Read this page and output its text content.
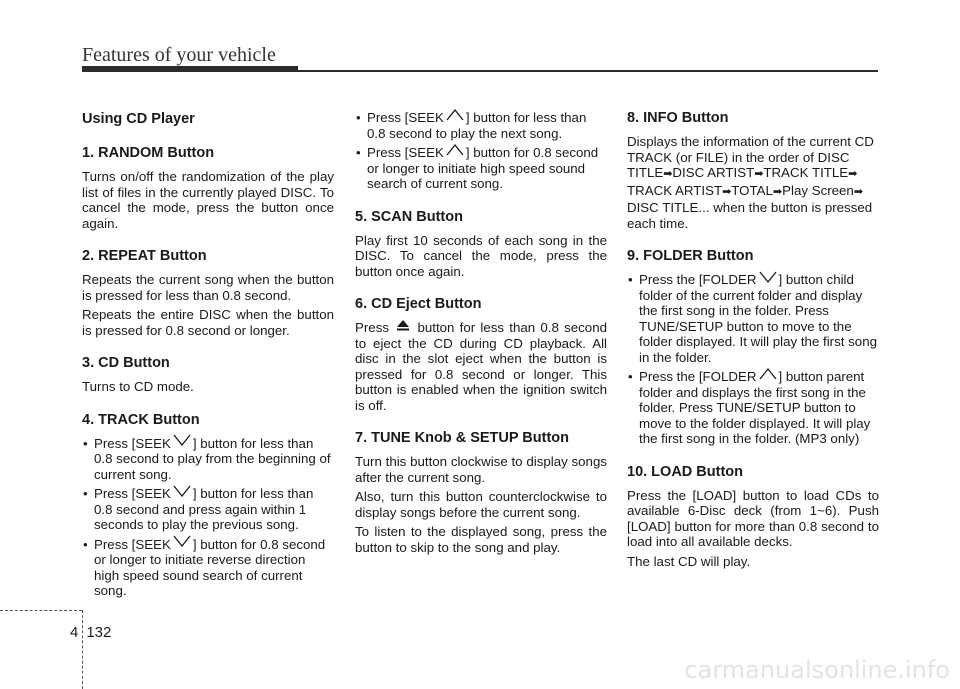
Features of your vehicle
Using CD Player
1. RANDOM Button
Turns on/off the randomization of the play list of files in the currently played DISC. To cancel the mode, press the button once again.
2. REPEAT Button
Repeats the current song when the button is pressed for less than 0.8 second.
Repeats the entire DISC when the button is pressed for 0.8 second or longer.
3. CD Button
Turns to CD mode.
4. TRACK Button
• Press [SEEK ] button for less than 0.8 second to play from the beginning of current song.
• Press [SEEK ] button for less than 0.8 second and press again within 1 seconds to play the previous song.
• Press [SEEK ] button for 0.8 second or longer to initiate reverse direction high speed sound search of current song.
• Press [SEEK ] button for less than 0.8 second to play the next song.
• Press [SEEK ] button for 0.8 second or longer to initiate high speed sound search of current song.
5. SCAN Button
Play first 10 seconds of each song in the DISC. To cancel the mode, press the button once again.
6. CD Eject Button
Press button for less than 0.8 second to eject the CD during CD playback. All disc in the slot eject when the button is pressed for 0.8 second or longer. This button is enabled when the ignition switch is off.
7. TUNE Knob & SETUP Button
Turn this button clockwise to display songs after the current song.
Also, turn this button counterclockwise to display songs before the current song.
To listen to the displayed song, press the button to skip to the song and play.
8. INFO Button
Displays the information of the current CD TRACK (or FILE) in the order of DISC TITLE➡DISC ARTIST➡TRACK TITLE➡ TRACK ARTIST➡TOTAL➡Play Screen➡ DISC TITLE... when the button is pressed each time.
9. FOLDER Button
• Press the [FOLDER ] button child folder of the current folder and display the first song in the folder. Press TUNE/SETUP button to move to the folder displayed. It will play the first song in the folder.
• Press the [FOLDER ] button parent folder and displays the first song in the folder. Press TUNE/SETUP button to move to the folder displayed. It will play the first song in the folder. (MP3 only)
10. LOAD Button
Press the [LOAD] button to load CDs to available 6-Disc deck (from 1~6). Push [LOAD] button for more than 0.8 second to load into all available decks.
The last CD will play.
4 132
carmanualsonline.info
